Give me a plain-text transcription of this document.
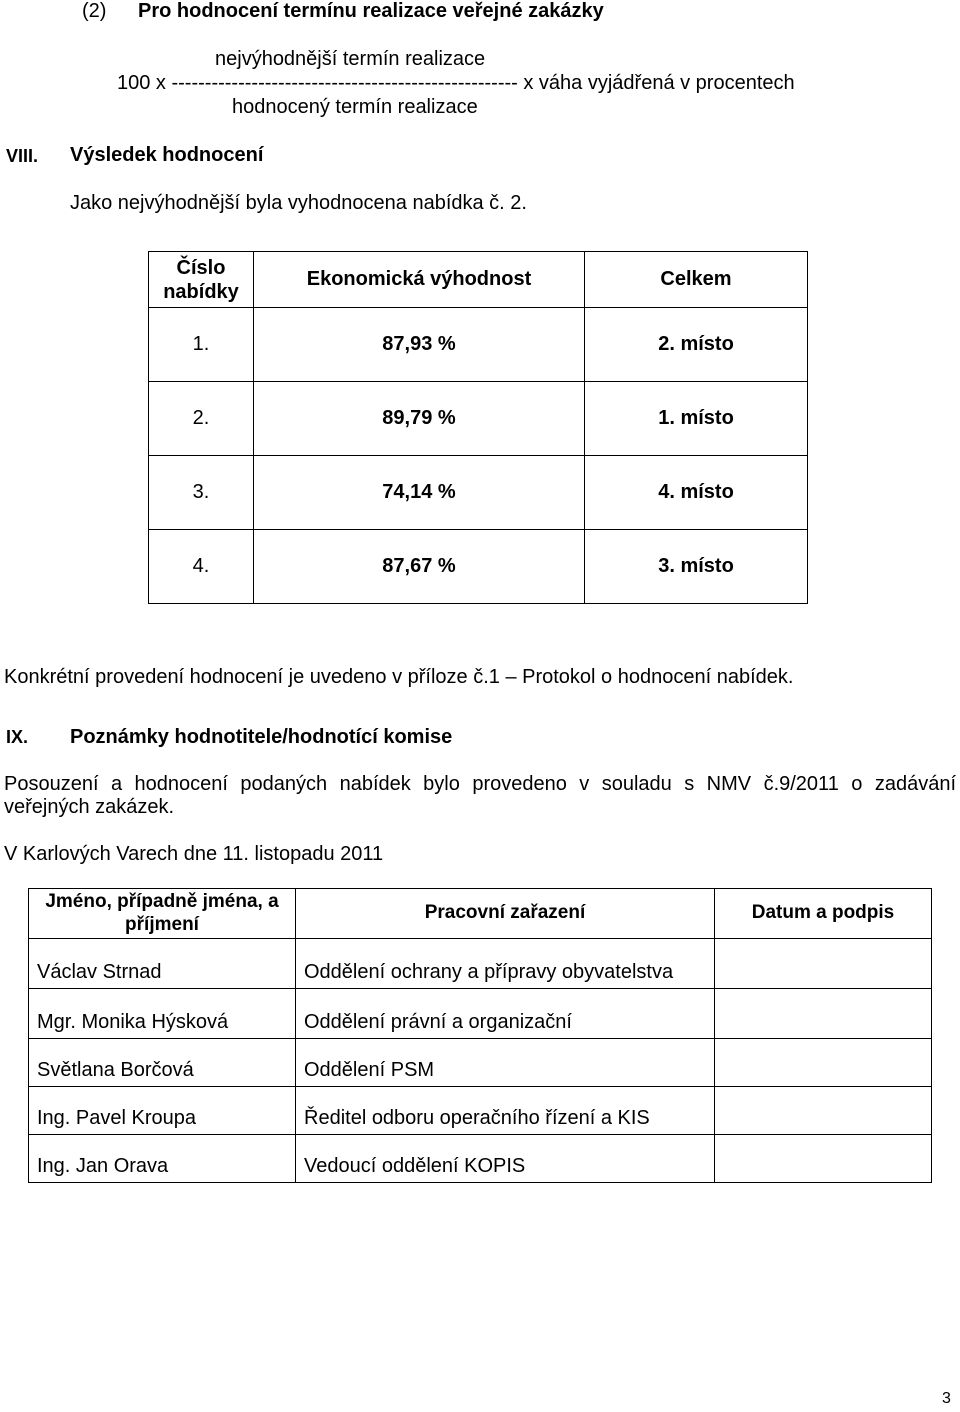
(2) Pro hodnocení termínu realizace veřejné zakázky
nejvýhodnější termín realizace
100 x ---------------------------------------------------- x váha vyjádřená v procentech
hodnocený termín realizace
VIII. Výsledek hodnocení
Jako nejvýhodnější byla vyhodnocena nabídka č. 2.
Číslo nabídky	Ekonomická výhodnost	Celkem
1.	87,93 %	2. místo
2.	89,79 %	1. místo
3.	74,14 %	4. místo
4.	87,67 %	3. místo
Konkrétní provedení hodnocení je uvedeno v příloze č.1 – Protokol o hodnocení nabídek.
IX. Poznámky hodnotitele/hodnotící komise
Posouzení a hodnocení podaných nabídek bylo provedeno v souladu s NMV č.9/2011 o zadávání
veřejných zakázek.
V Karlových Varech dne 11. listopadu 2011
Jméno, případně jména, a příjmení	Pracovní zařazení	Datum a podpis
Václav Strnad	Oddělení ochrany a přípravy obyvatelstva	
Mgr. Monika Hýsková	Oddělení právní a organizační	
Světlana Borčová	Oddělení PSM	
Ing. Pavel Kroupa	Ředitel odboru operačního řízení a KIS	
Ing. Jan Orava	Vedoucí oddělení KOPIS	
3
